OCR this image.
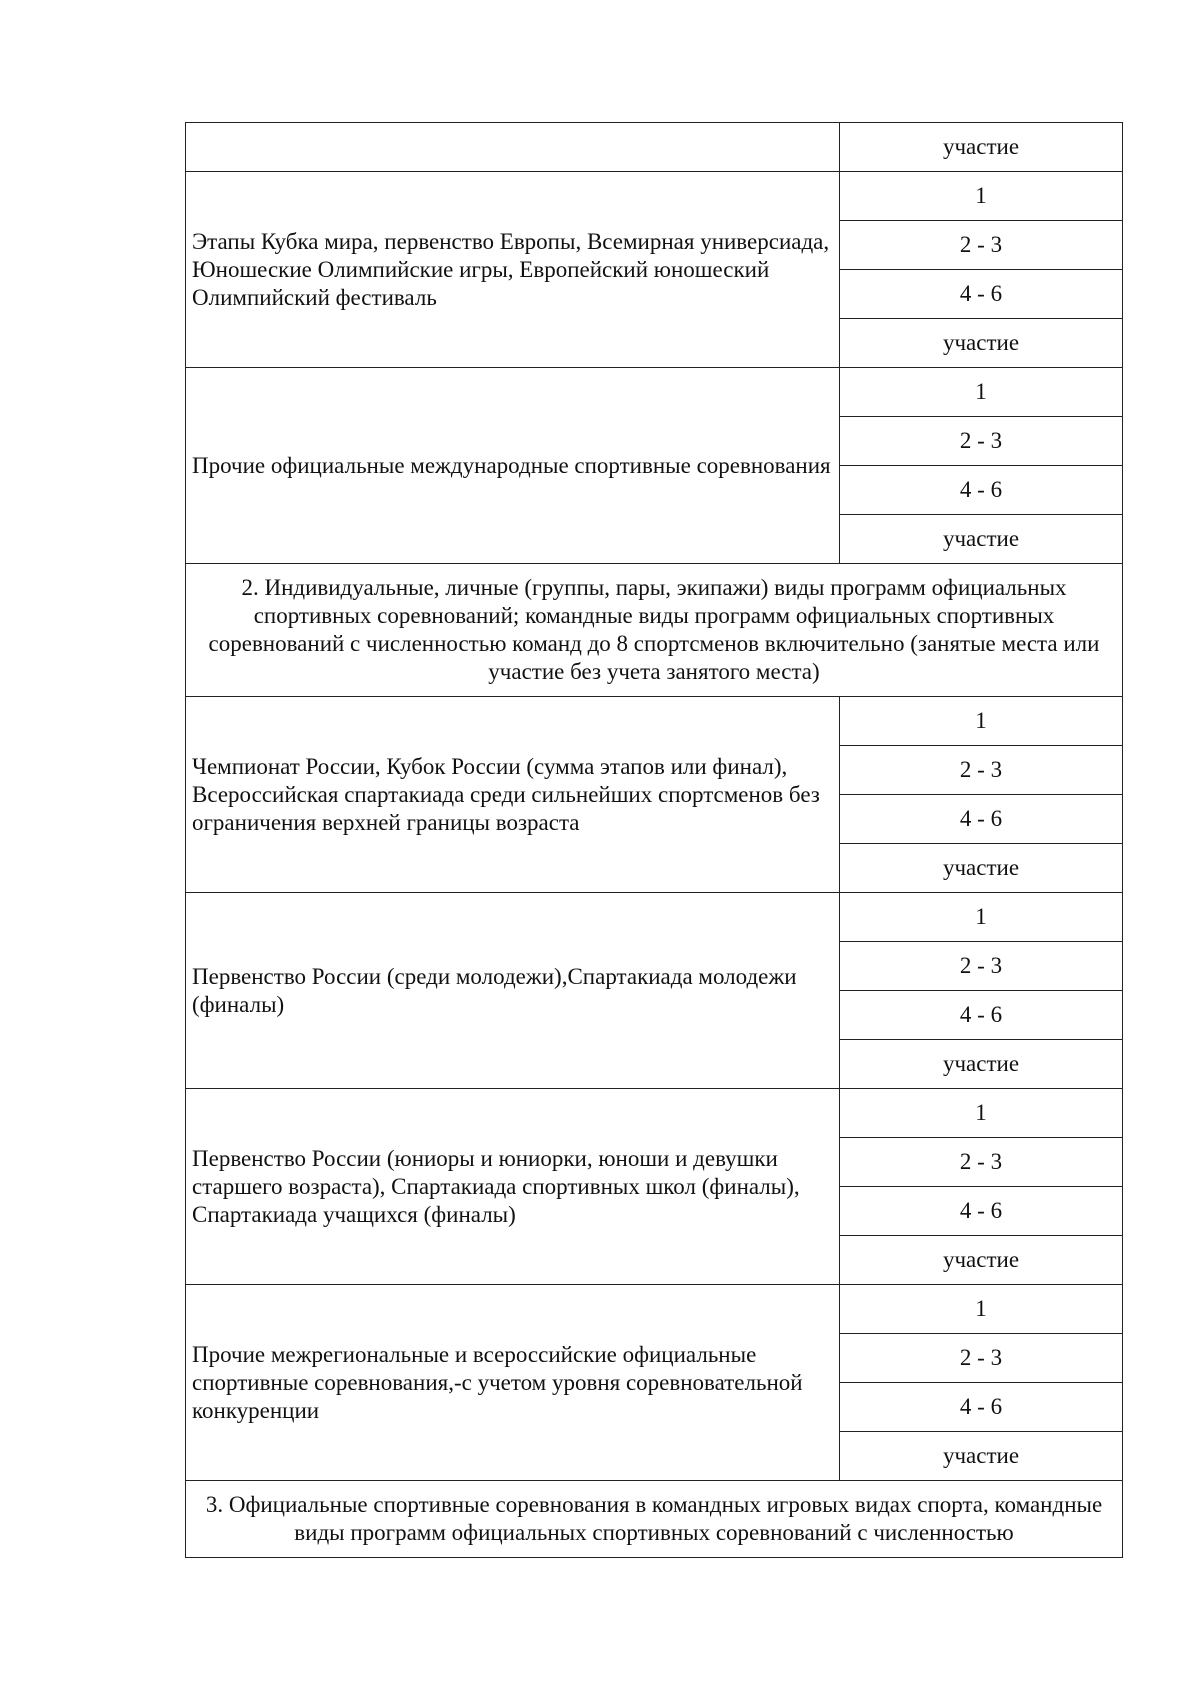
	участие
Этапы Кубка мира, первенство Европы, Всемирная универсиада, Юношеские Олимпийские игры, Европейский юношеский Олимпийский фестиваль	1
	2 - 3
	4 - 6
	участие
Прочие официальные международные спортивные соревнования	1
	2 - 3
	4 - 6
	участие
2. Индивидуальные, личные (группы, пары, экипажи) виды программ официальных спортивных соревнований; командные виды программ официальных спортивных соревнований с численностью команд до 8 спортсменов включительно (занятые места или участие без учета занятого места)	
Чемпионат России, Кубок России (сумма этапов или финал), Всероссийская спартакиада среди сильнейших спортсменов без ограничения верхней границы возраста	1
	2 - 3
	4 - 6
	участие
Первенство России (среди молодежи),Спартакиада молодежи (финалы)	1
	2 - 3
	4 - 6
	участие
Первенство России (юниоры и юниорки, юноши и девушки старшего возраста), Спартакиада спортивных школ (финалы), Спартакиада учащихся (финалы)	1
	2 - 3
	4 - 6
	участие
Прочие межрегиональные и всероссийские официальные спортивные соревнования,-с учетом уровня соревновательной конкуренции	1
	2 - 3
	4 - 6
	участие
3. Официальные спортивные соревнования в командных игровых видах спорта, командные виды программ официальных спортивных соревнований с численностью	
